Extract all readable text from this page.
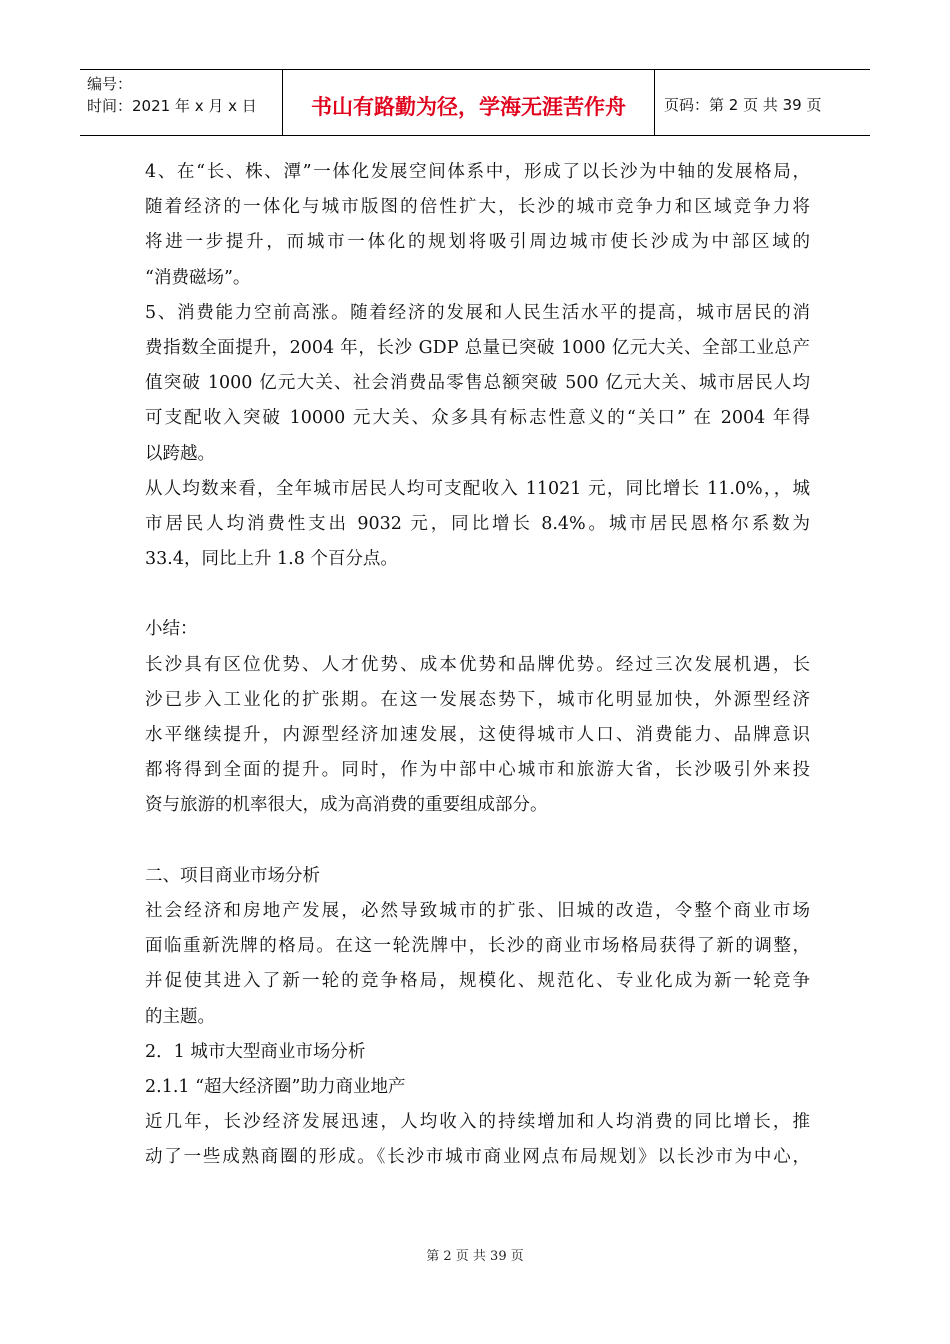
编号：
时间：2021 年 x 月 x 日	书山有路勤为径，学海无涯苦作舟	页码：第 2 页 共 39 页
4、在“长、株、潭”一体化发展空间体系中，形成了以长沙为中轴的发展格局，
随着经济的一体化与城市版图的倍性扩大，长沙的城市竞争力和区域竞争力将
将进一步提升，而城市一体化的规划将吸引周边城市使长沙成为中部区域的
“消费磁场”。
5、消费能力空前高涨。随着经济的发展和人民生活水平的提高，城市居民的消
费指数全面提升，2004 年，长沙 GDP 总量已突破 1000 亿元大关、全部工业总产
值突破 1000 亿元大关、社会消费品零售总额突破 500 亿元大关、城市居民人均
可支配收入突破 10000 元大关、众多具有标志性意义的“关口” 在 2004 年得
以跨越。
从人均数来看，全年城市居民人均可支配收入 11021 元，同比增长 11.0%，，城
市居民人均消费性支出 9032 元，同比增长 8.4%。城市居民恩格尔系数为
33.4，同比上升 1.8 个百分点。
小结：
长沙具有区位优势、人才优势、成本优势和品牌优势。经过三次发展机遇，长
沙已步入工业化的扩张期。在这一发展态势下，城市化明显加快，外源型经济
水平继续提升，内源型经济加速发展，这使得城市人口、消费能力、品牌意识
都将得到全面的提升。同时，作为中部中心城市和旅游大省，长沙吸引外来投
资与旅游的机率很大，成为高消费的重要组成部分。
二、项目商业市场分析
社会经济和房地产发展，必然导致城市的扩张、旧城的改造，令整个商业市场
面临重新洗牌的格局。在这一轮洗牌中，长沙的商业市场格局获得了新的调整，
并促使其进入了新一轮的竞争格局，规模化、规范化、专业化成为新一轮竞争
的主题。
2．1 城市大型商业市场分析
2.1.1 “超大经济圈”助力商业地产
近几年，长沙经济发展迅速，人均收入的持续增加和人均消费的同比增长，推
动了一些成熟商圈的形成。《长沙市城市商业网点布局规划》以长沙市为中心，
第 2 页 共 39 页
